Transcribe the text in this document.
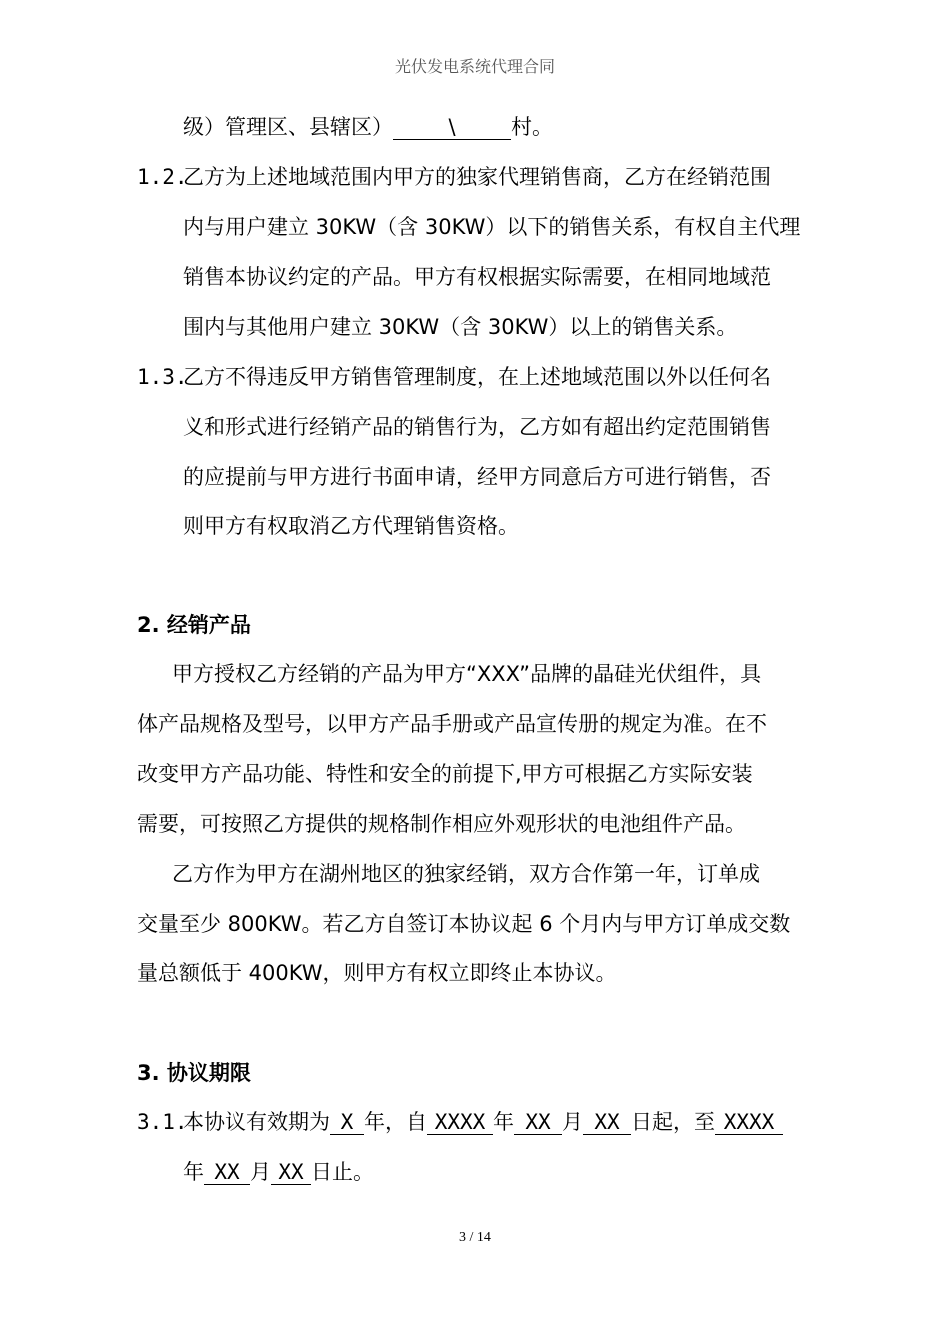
光伏发电系统代理合同
级）管理区、县辖区）	\	村。
1.2.
乙方为上述地域范围内甲方的独家代理销售商，乙方在经销范围
内与用户建立 30KW（含 30KW）以下的销售关系，有权自主代理
销售本协议约定的产品。甲方有权根据实际需要，在相同地域范
围内与其他用户建立 30KW（含 30KW）以上的销售关系。
1.3.
乙方不得违反甲方销售管理制度，在上述地域范围以外以任何名
义和形式进行经销产品的销售行为，乙方如有超出约定范围销售
的应提前与甲方进行书面申请，经甲方同意后方可进行销售，否
则甲方有权取消乙方代理销售资格。
2. 经销产品
甲方授权乙方经销的产品为甲方“XXX”品牌的晶硅光伏组件，具
体产品规格及型号，以甲方产品手册或产品宣传册的规定为准。在不
改变甲方产品功能、特性和安全的前提下,甲方可根据乙方实际安装
需要，可按照乙方提供的规格制作相应外观形状的电池组件产品。
乙方作为甲方在湖州地区的独家经销，双方合作第一年，订单成
交量至少 800KW。若乙方自签订本协议起 6 个月内与甲方订单成交数
量总额低于 400KW，则甲方有权立即终止本协议。
3. 协议期限
3.1.
本协议有效期为 X 年，自 XXXX 年 XX 月 XX 日起，至 XXXX
年 XX 月 XX 日止。
3 / 14
